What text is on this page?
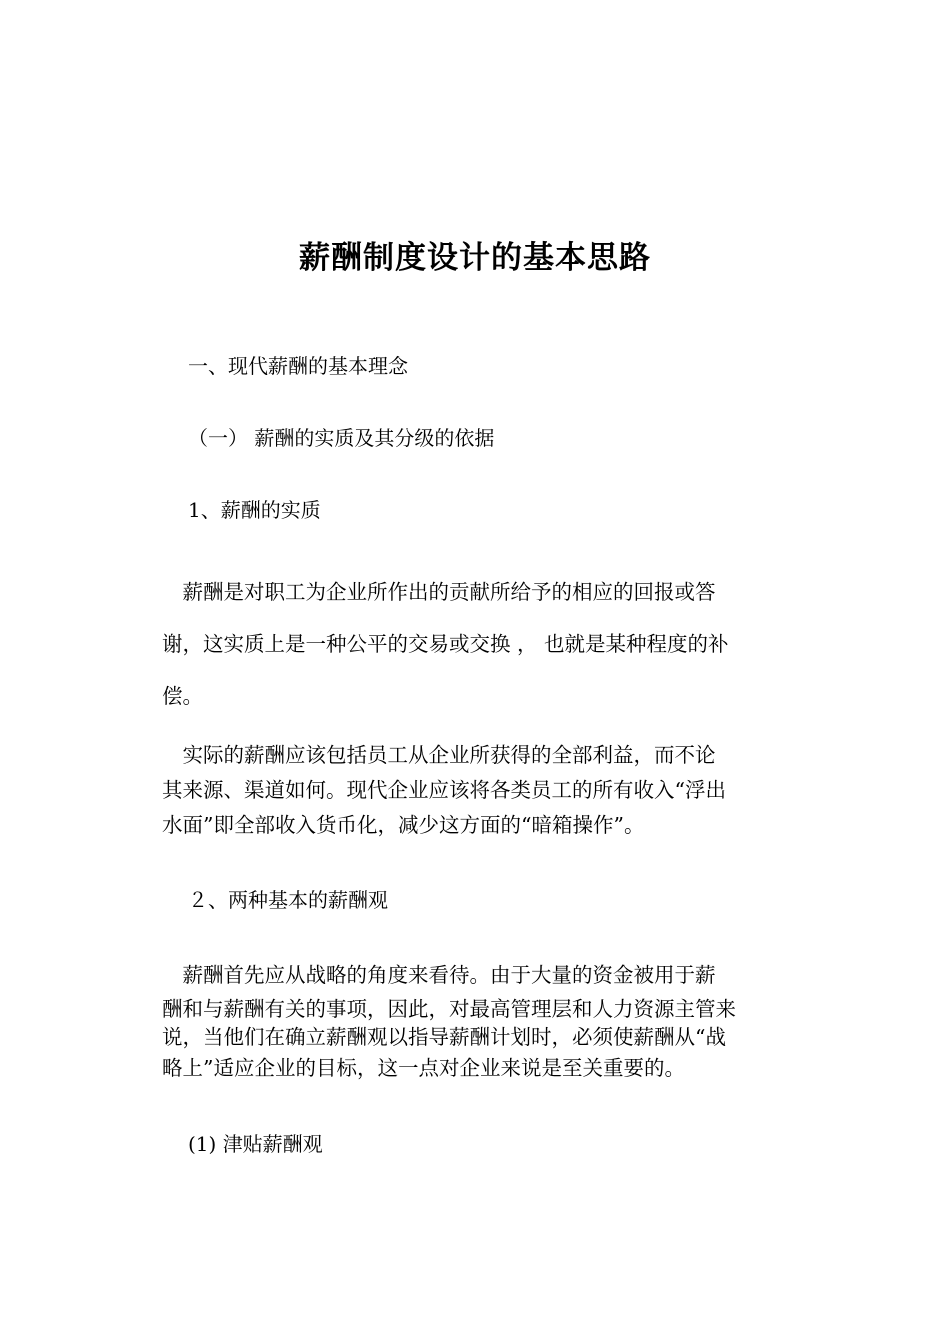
薪酬制度设计的基本思路
一、现代薪酬的基本理念
（一） 薪酬的实质及其分级的依据
1、薪酬的实质
　薪酬是对职工为企业所作出的贡献所给予的相应的回报或答
谢，这实质上是一种公平的交易或交换 ， 也就是某种程度的补
偿。
　实际的薪酬应该包括员工从企业所获得的全部利益，而不论
其来源、渠道如何。现代企业应该将各类员工的所有收入“浮出
水面”即全部收入货币化，减少这方面的“暗箱操作”。
２、两种基本的薪酬观
　薪酬首先应从战略的角度来看待。由于大量的资金被用于薪
酬和与薪酬有关的事项，因此，对最高管理层和人力资源主管来
说，当他们在确立薪酬观以指导薪酬计划时，必须使薪酬从“战
略上”适应企业的目标，这一点对企业来说是至关重要的。
(1) 津贴薪酬观
